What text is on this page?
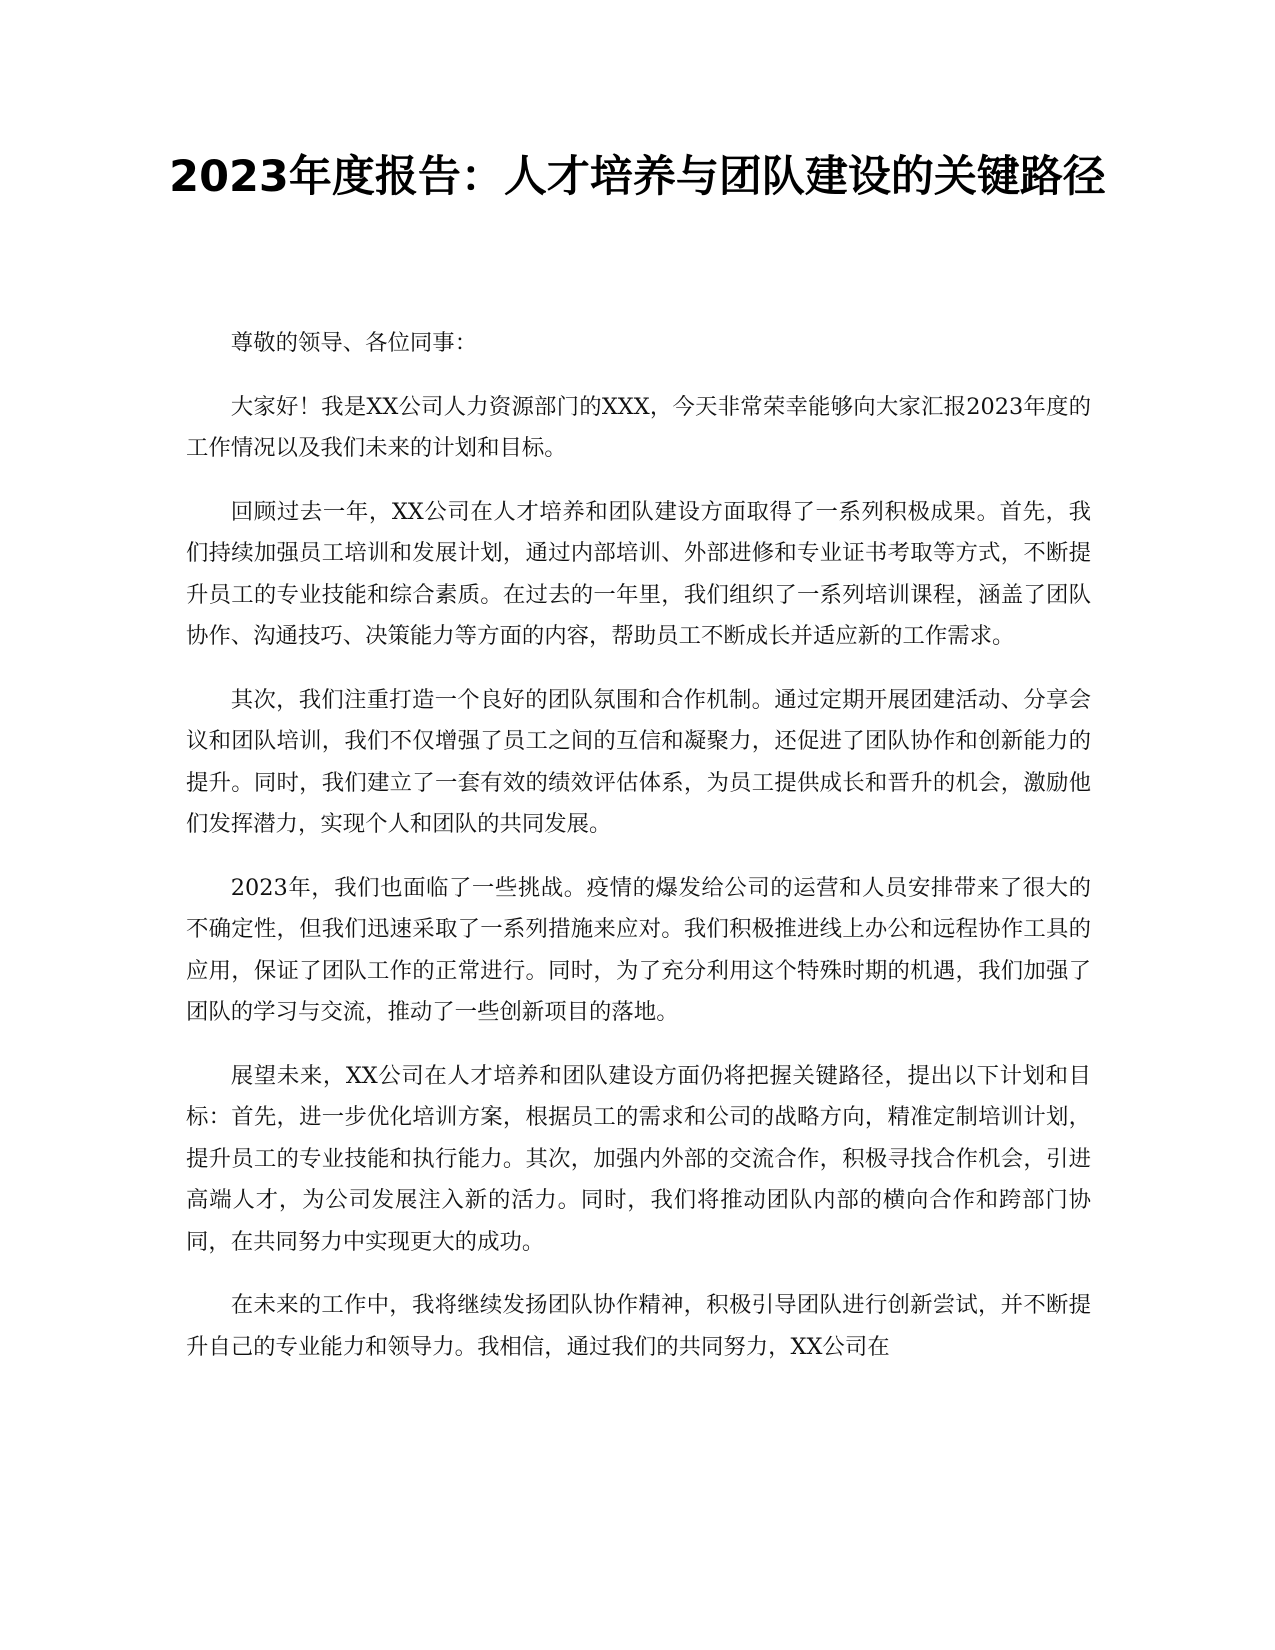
2023年度报告：人才培养与团队建设的关键路径

尊敬的领导、各位同事：

大家好！我是XX公司人力资源部门的XXX，今天非常荣幸能够向大家汇报2023年度的工作情况以及我们未来的计划和目标。

回顾过去一年，XX公司在人才培养和团队建设方面取得了一系列积极成果。首先，我们持续加强员工培训和发展计划，通过内部培训、外部进修和专业证书考取等方式，不断提升员工的专业技能和综合素质。在过去的一年里，我们组织了一系列培训课程，涵盖了团队协作、沟通技巧、决策能力等方面的内容，帮助员工不断成长并适应新的工作需求。

其次，我们注重打造一个良好的团队氛围和合作机制。通过定期开展团建活动、分享会议和团队培训，我们不仅增强了员工之间的互信和凝聚力，还促进了团队协作和创新能力的提升。同时，我们建立了一套有效的绩效评估体系，为员工提供成长和晋升的机会，激励他们发挥潜力，实现个人和团队的共同发展。

2023年，我们也面临了一些挑战。疫情的爆发给公司的运营和人员安排带来了很大的不确定性，但我们迅速采取了一系列措施来应对。我们积极推进线上办公和远程协作工具的应用，保证了团队工作的正常进行。同时，为了充分利用这个特殊时期的机遇，我们加强了团队的学习与交流，推动了一些创新项目的落地。

展望未来，XX公司在人才培养和团队建设方面仍将把握关键路径，提出以下计划和目标：首先，进一步优化培训方案，根据员工的需求和公司的战略方向，精准定制培训计划，提升员工的专业技能和执行能力。其次，加强内外部的交流合作，积极寻找合作机会，引进高端人才，为公司发展注入新的活力。同时，我们将推动团队内部的横向合作和跨部门协同，在共同努力中实现更大的成功。

在未来的工作中，我将继续发扬团队协作精神，积极引导团队进行创新尝试，并不断提升自己的专业能力和领导力。我相信，通过我们的共同努力，XX公司在
